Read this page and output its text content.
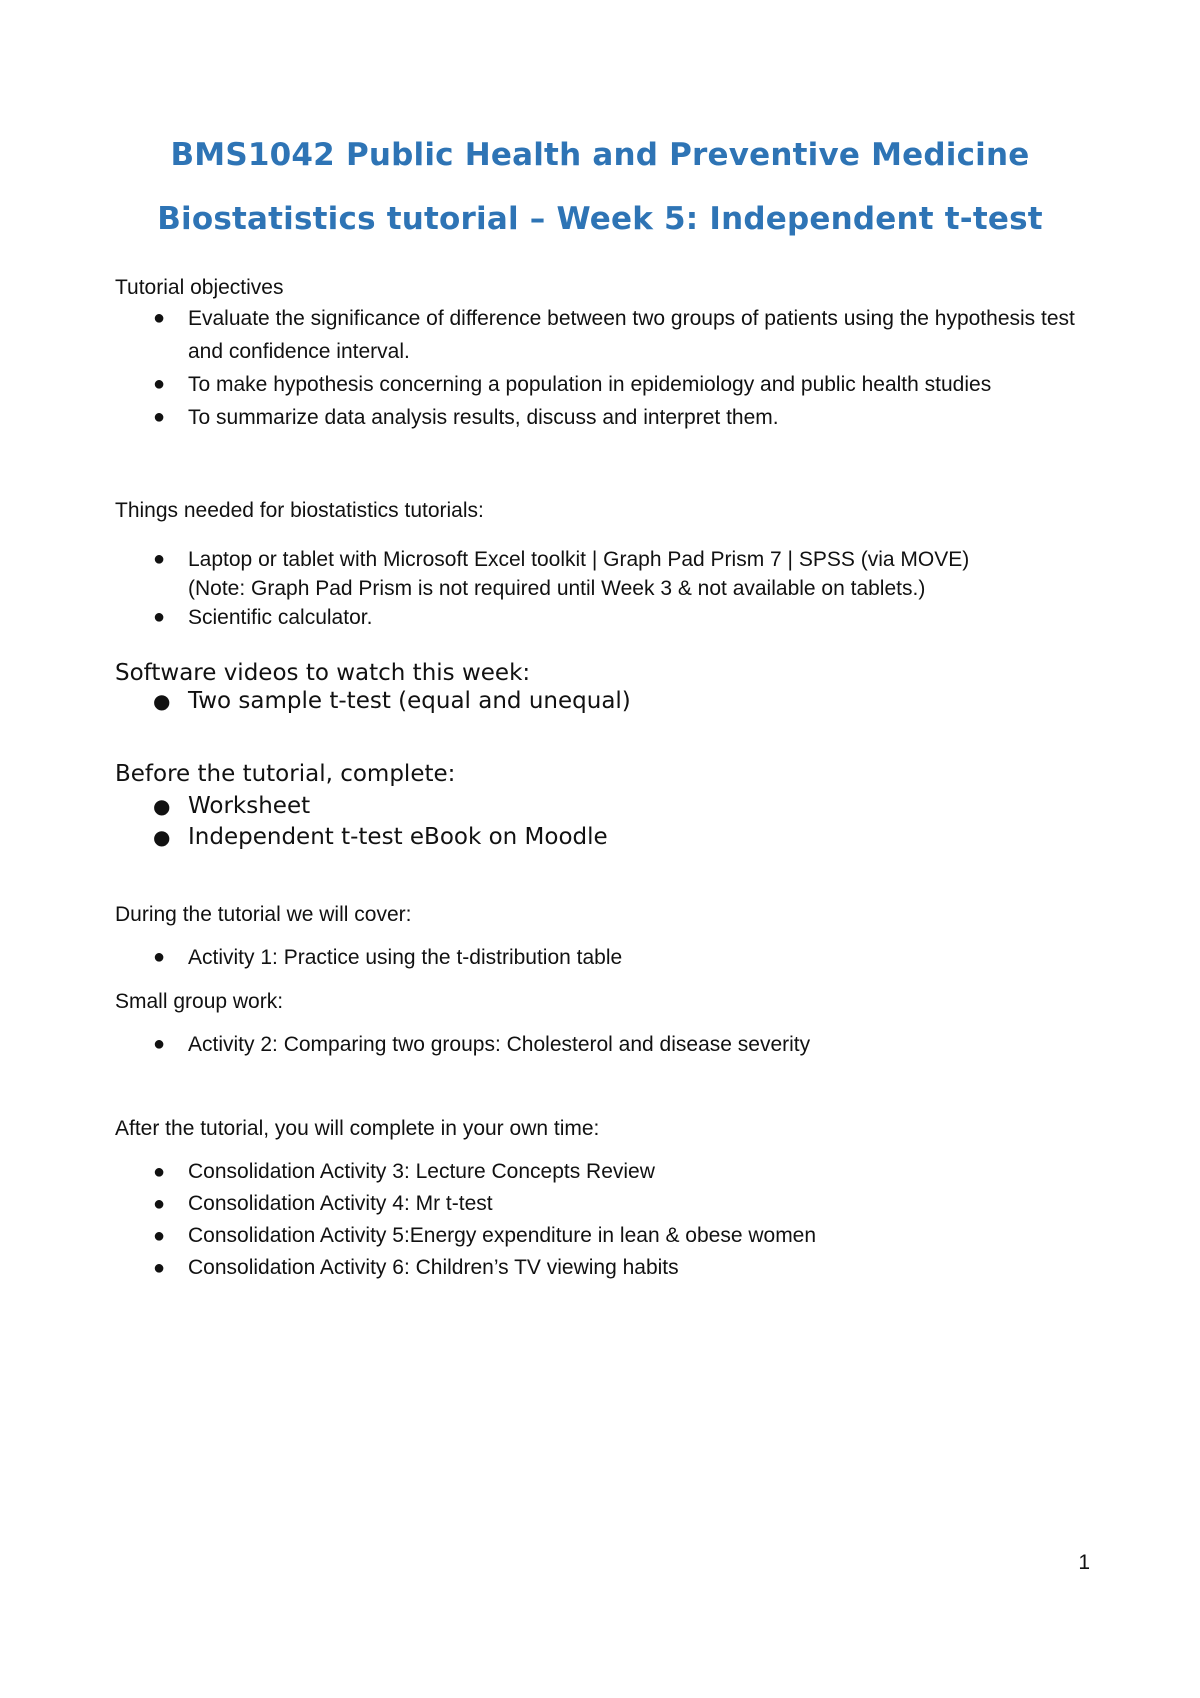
BMS1042 Public Health and Preventive Medicine
Biostatistics tutorial – Week 5: Independent t-test
Tutorial objectives
● Evaluate the significance of difference between two groups of patients using the hypothesis test and confidence interval.
● To make hypothesis concerning a population in epidemiology and public health studies
● To summarize data analysis results, discuss and interpret them.
Things needed for biostatistics tutorials:
● Laptop or tablet with Microsoft Excel toolkit | Graph Pad Prism 7 | SPSS (via MOVE)
(Note: Graph Pad Prism is not required until Week 3 & not available on tablets.)
● Scientific calculator.
Software videos to watch this week:
● Two sample t-test (equal and unequal)
Before the tutorial, complete:
● Worksheet
● Independent t-test eBook on Moodle
During the tutorial we will cover:
● Activity 1: Practice using the t-distribution table
Small group work:
● Activity 2: Comparing two groups: Cholesterol and disease severity
After the tutorial, you will complete in your own time:
● Consolidation Activity 3: Lecture Concepts Review
● Consolidation Activity 4: Mr t-test
● Consolidation Activity 5:Energy expenditure in lean & obese women
● Consolidation Activity 6: Children’s TV viewing habits
1
